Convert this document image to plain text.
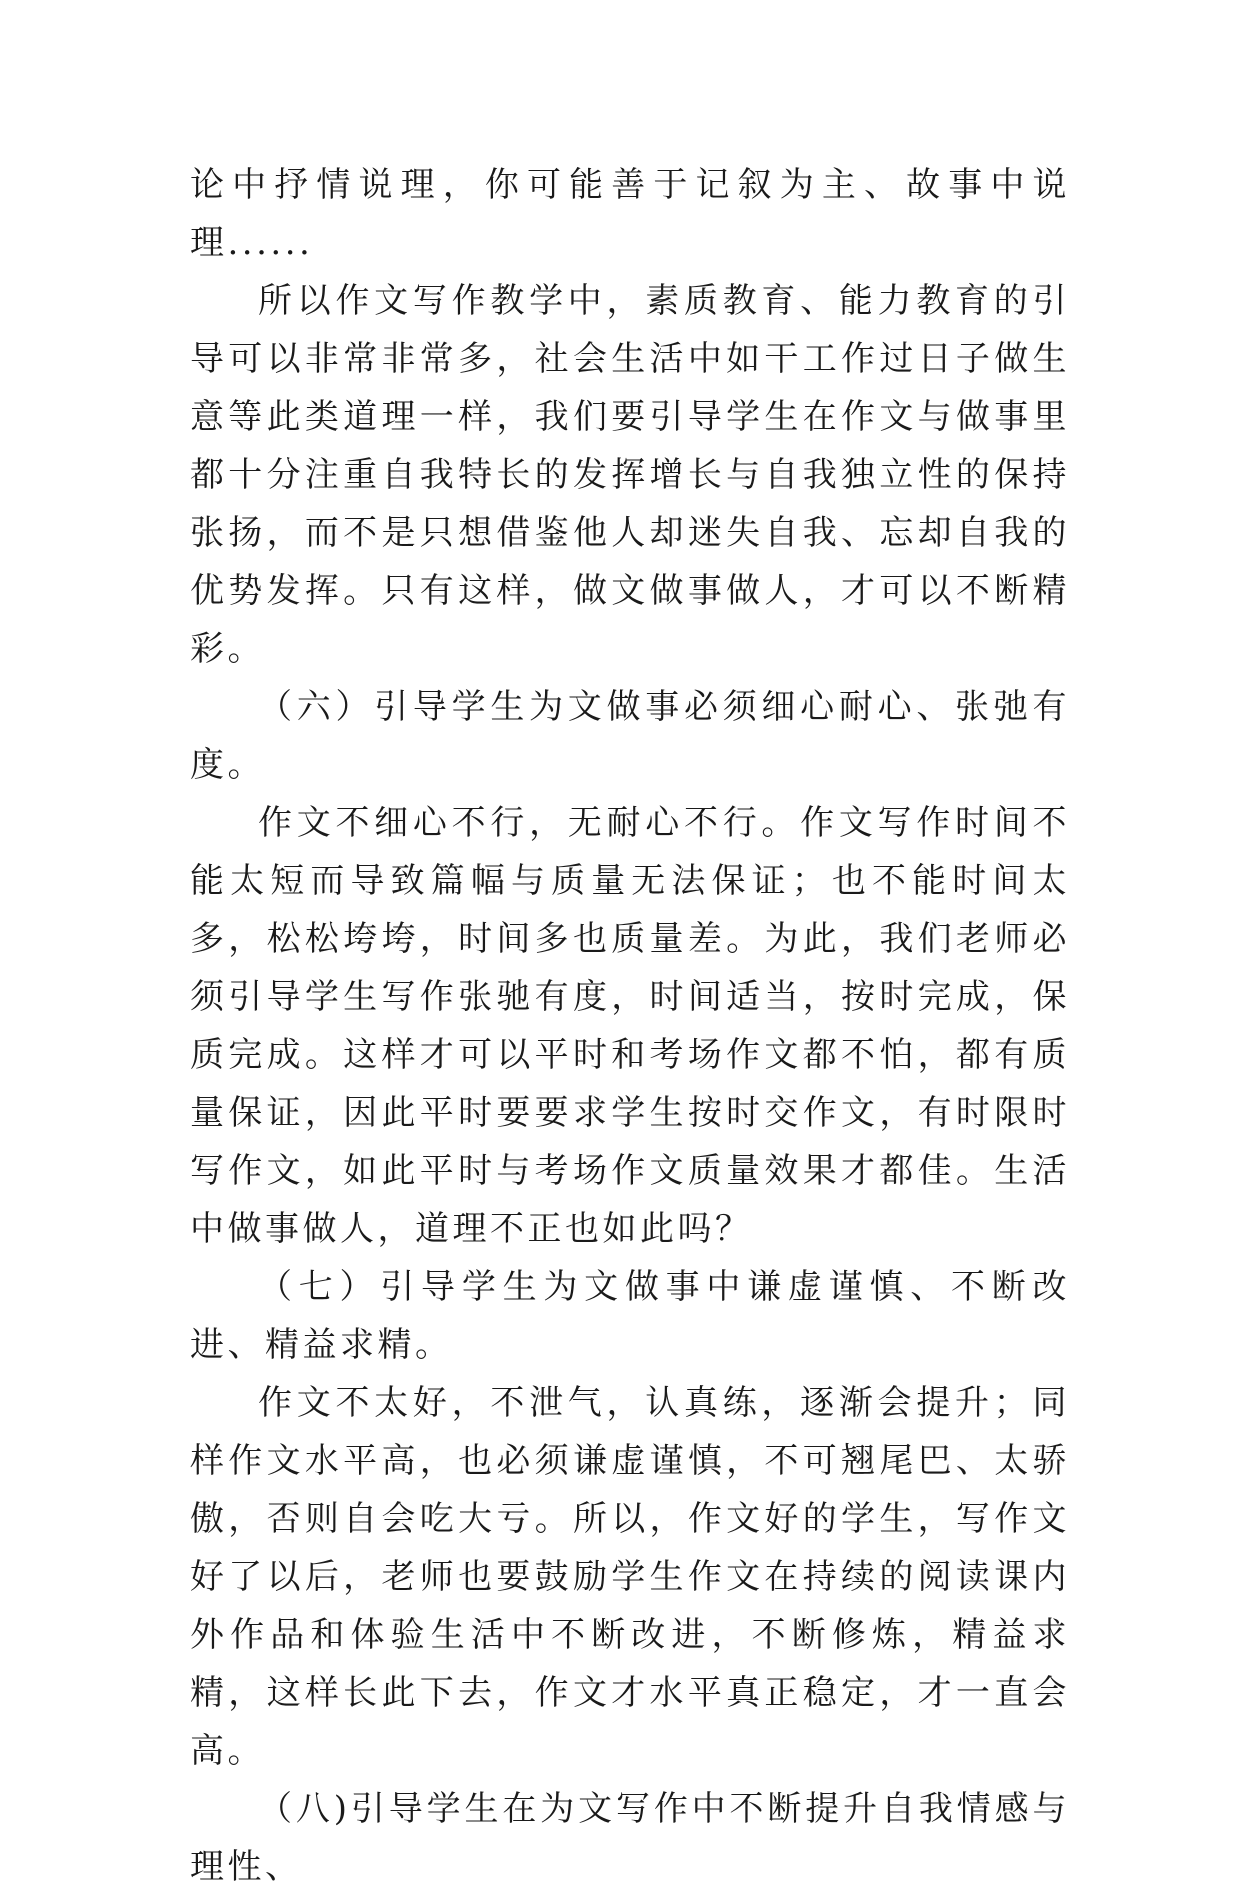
论中抒情说理，你可能善于记叙为主、故事中说理......

所以作文写作教学中，素质教育、能力教育的引导可以非常非常多，社会生活中如干工作过日子做生意等此类道理一样，我们要引导学生在作文与做事里都十分注重自我特长的发挥增长与自我独立性的保持张扬，而不是只想借鉴他人却迷失自我、忘却自我的优势发挥。只有这样，做文做事做人，才可以不断精彩。

（六）引导学生为文做事必须细心耐心、张弛有度。

作文不细心不行，无耐心不行。作文写作时间不能太短而导致篇幅与质量无法保证；也不能时间太多，松松垮垮，时间多也质量差。为此，我们老师必须引导学生写作张驰有度，时间适当，按时完成，保质完成。这样才可以平时和考场作文都不怕，都有质量保证，因此平时要要求学生按时交作文，有时限时写作文，如此平时与考场作文质量效果才都佳。生活中做事做人，道理不正也如此吗？

（七）引导学生为文做事中谦虚谨慎、不断改进、精益求精。

作文不太好，不泄气，认真练，逐渐会提升；同样作文水平高，也必须谦虚谨慎，不可翘尾巴、太骄傲，否则自会吃大亏。所以，作文好的学生，写作文好了以后，老师也要鼓励学生作文在持续的阅读课内外作品和体验生活中不断改进，不断修炼，精益求精，这样长此下去，作文才水平真正稳定，才一直会高。

（八)引导学生在为文写作中不断提升自我情感与理性、
